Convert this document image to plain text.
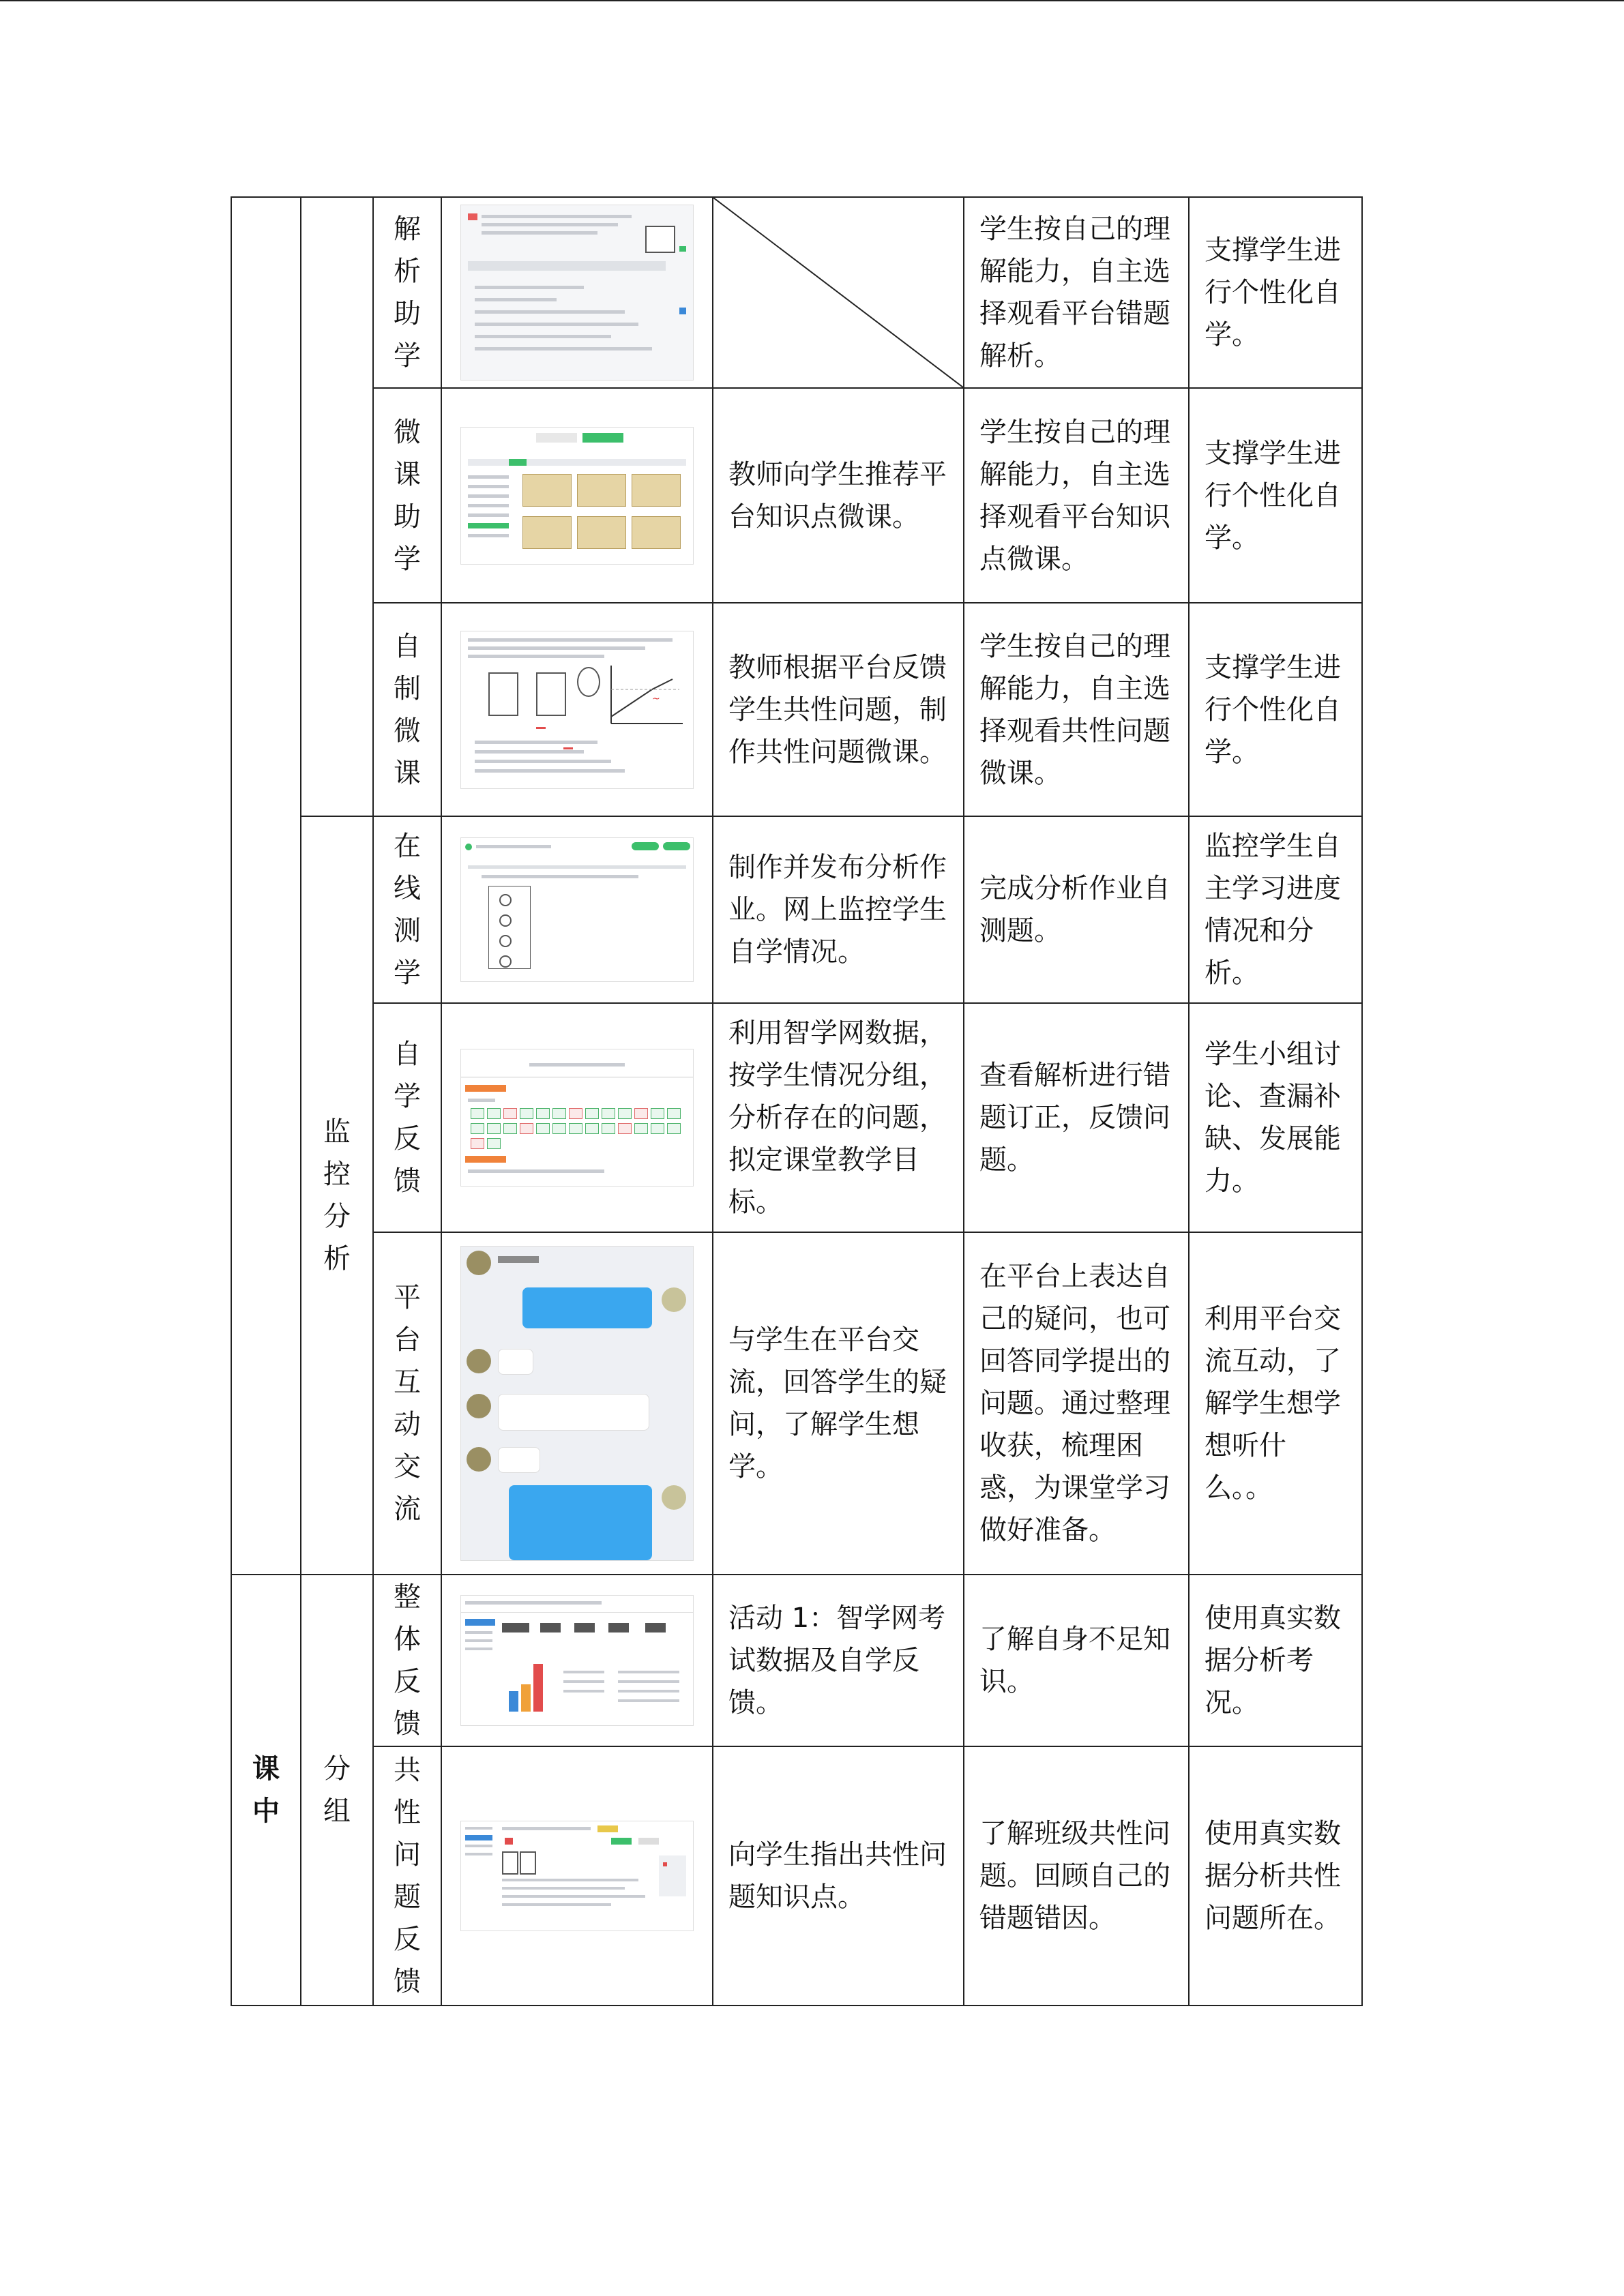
		解析助学			学生按自己的理解能力，自主选择观看平台错题解析。	支撑学生进行个性化自学。

		微课助学		教师向学生推荐平台知识点微课。	学生按自己的理解能力，自主选择观看平台知识点微课。	支撑学生进行个性化自学。

		自制微课	~	教师根据平台反馈学生共性问题，制作共性问题微课。	学生按自己的理解能力，自主选择观看共性问题微课。	支撑学生进行个性化自学。

	监控分析	在线测学		制作并发布分析作业。网上监控学生自学情况。	完成分析作业自测题。	监控学生自主学习进度情况和分析。

		自学反馈		利用智学网数据，按学生情况分组，分析存在的问题，拟定课堂教学目标。	查看解析进行错题订正，反馈问题。	学生小组讨论、查漏补缺、发展能力。

		平台互动交流		与学生在平台交流，回答学生的疑问，了解学生想学。	在平台上表达自己的疑问，也可回答同学提出的问题。通过整理收获，梳理困惑，为课堂学习做好准备。	利用平台交流互动，了解学生想学想听什么。。

课中	分组	整体反馈		活动 1：智学网考试数据及自学反馈。	了解自身不足知识。	使用真实数据分析考况。

		共性问题反馈		向学生指出共性问题知识点。	了解班级共性问题。回顾自己的错题错因。	使用真实数据分析共性问题所在。
